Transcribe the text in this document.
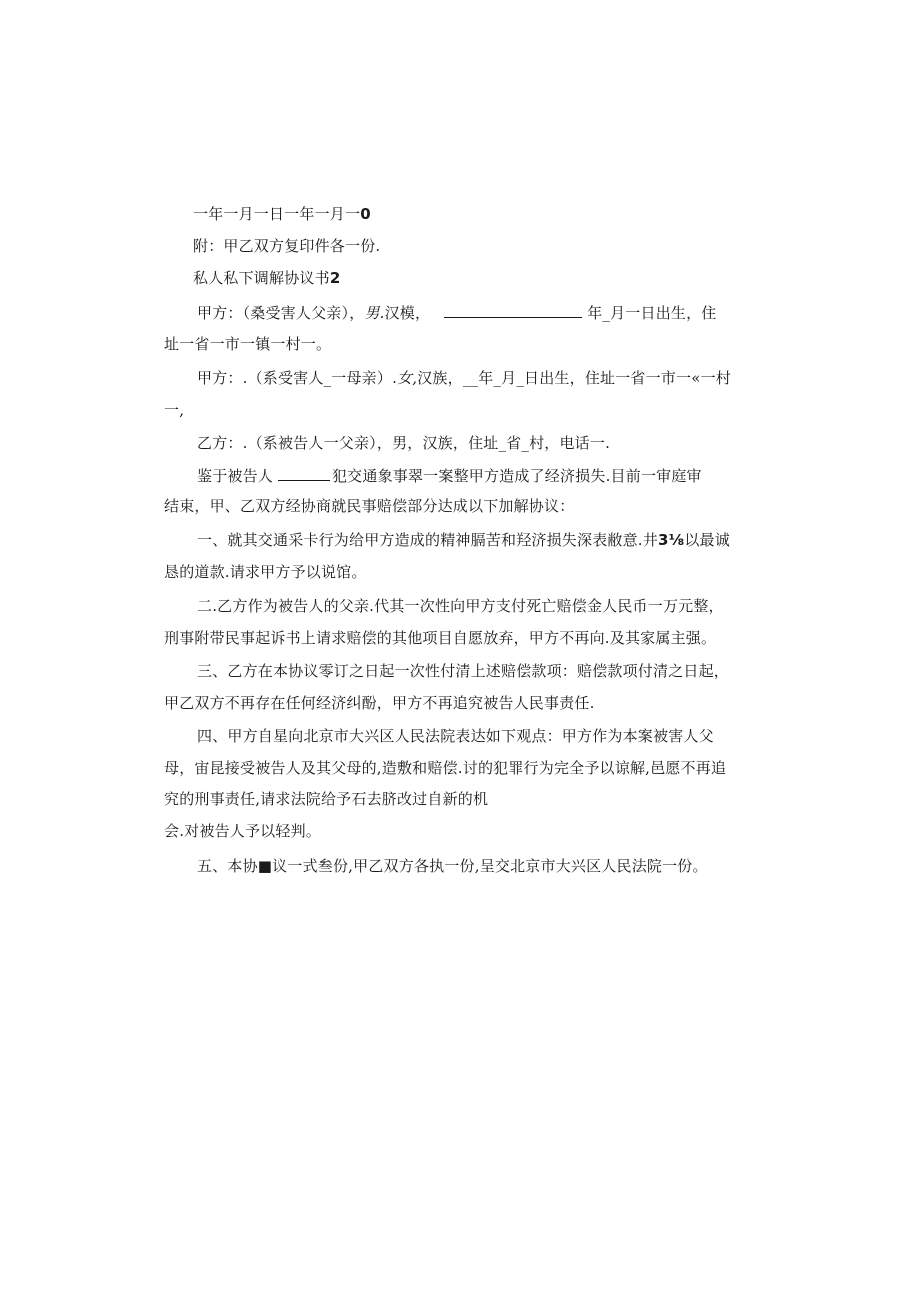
一年一月一日一年一月一0
附：甲乙双方复印件各一份.
私人私下调解协议书2
甲方：（桑受害人父亲），男.汉模，	年_月一日出生，住
址一省一市一镇一村一。
甲方：.（系受害人_一母亲）.女,汉族，__年_月_日出生，住址一省一市一«一村
一,
乙方：.（系被告人一父亲），男，汉族，住址_省_村，电话一.
鉴于被告人	犯交通象事翠一案整甲方造成了经济损失.目前一审庭审
结束，甲、乙双方经协商就民事赔偿部分达成以下加解协议：
一、就其交通采卡行为给甲方造成的精神膈苦和羟济损失深表敝意.井3⅛以最诚
恳的道款.请求甲方予以说馆。
二.乙方作为被告人的父亲.代其一次性向甲方支付死亡赔偿金人民币一万元整，
刑事附带民事起诉书上请求赔偿的其他项目自愿放弃，甲方不再向.及其家属主强。
三、乙方在本协议零订之日起一次性付清上述赔偿款项：赔偿款项付清之日起，
甲乙双方不再存在任何经济纠酚，甲方不再追究被告人民事责任.
四、甲方自星向北京市大兴区人民法院表达如下观点：甲方作为本案被害人父
母，宙昆接受被告人及其父母的,造敷和赔偿.讨的犯罪行为完全予以谅解,邑愿不再追
究的刑事责任,请求法院给予石去脐改过自新的机
会.对被告人予以轻判。
五、本协■议一式叁份,甲乙双方各执一份,呈交北京市大兴区人民法院一份。
